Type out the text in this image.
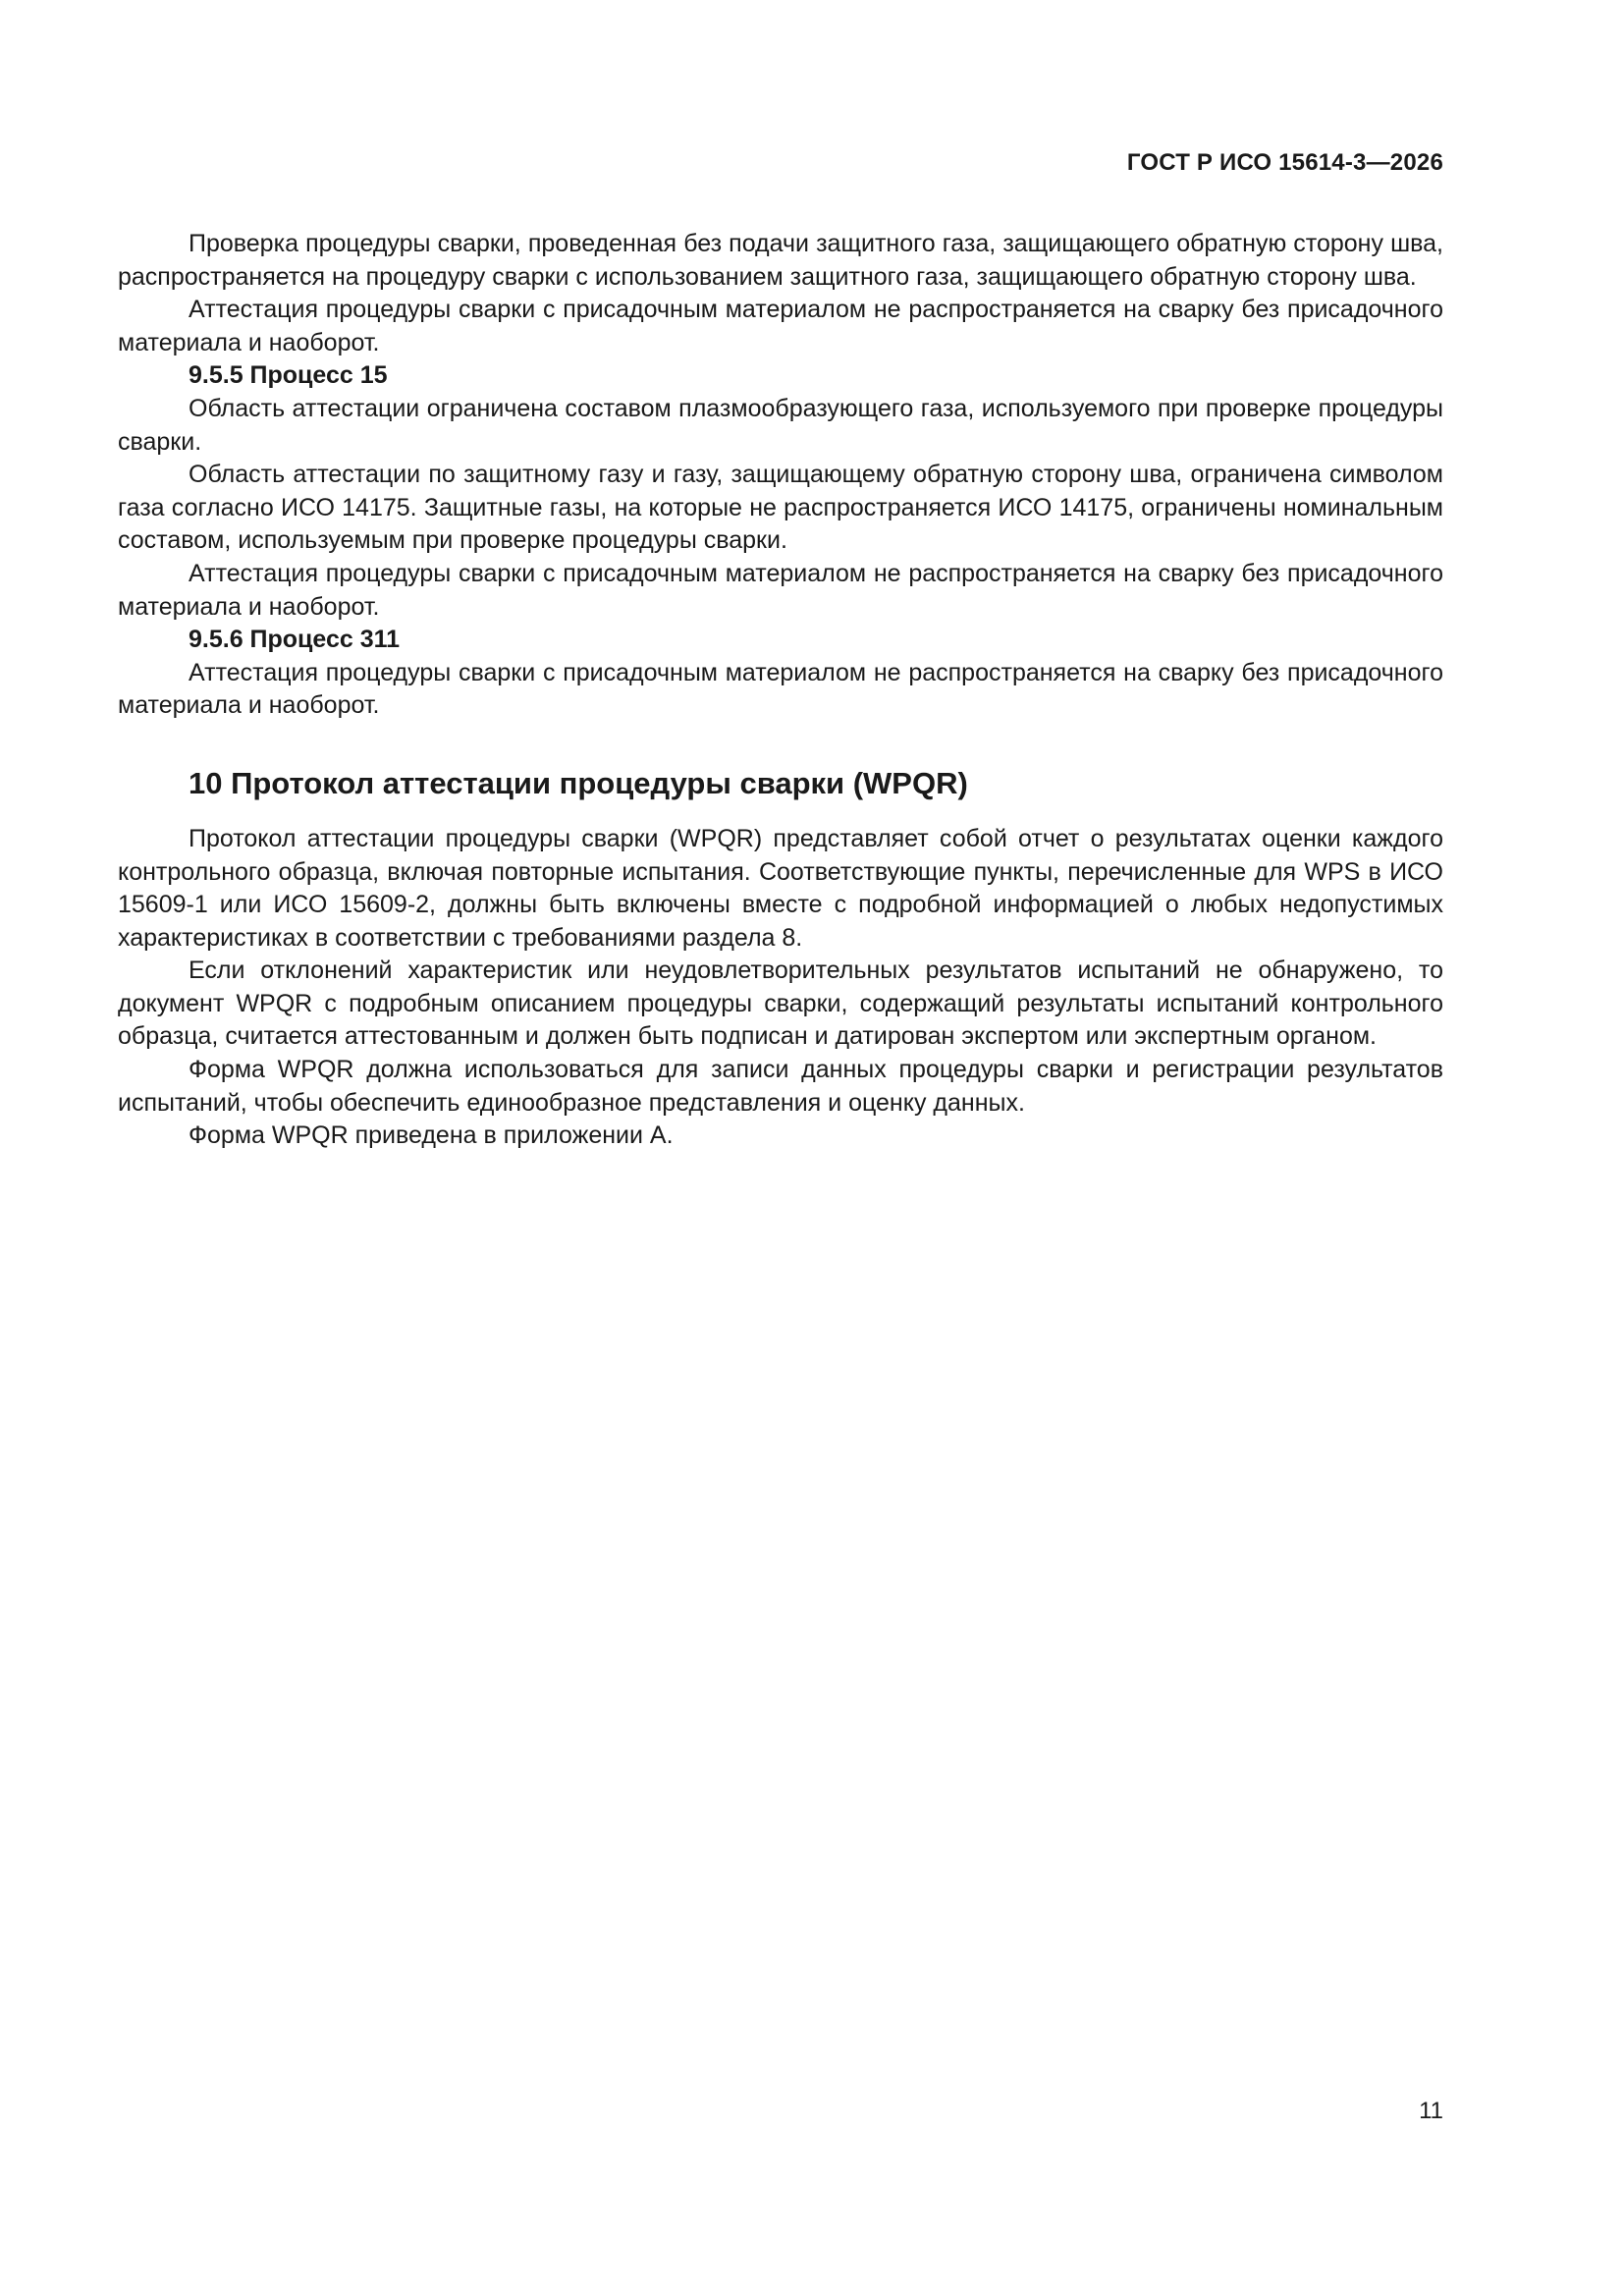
ГОСТ Р ИСО 15614-3—2026

Проверка процедуры сварки, проведенная без подачи защитного газа, защищающего обратную сторону шва, распространяется на процедуру сварки с использованием защитного газа, защищающего обратную сторону шва.

Аттестация процедуры сварки с присадочным материалом не распространяется на сварку без присадочного материала и наоборот.

9.5.5 Процесс 15

Область аттестации ограничена составом плазмообразующего газа, используемого при проверке процедуры сварки.

Область аттестации по защитному газу и газу, защищающему обратную сторону шва, ограничена символом газа согласно ИСО 14175. Защитные газы, на которые не распространяется ИСО 14175, ограничены номинальным составом, используемым при проверке процедуры сварки.

Аттестация процедуры сварки с присадочным материалом не распространяется на сварку без присадочного материала и наоборот.

9.5.6 Процесс 311

Аттестация процедуры сварки с присадочным материалом не распространяется на сварку без присадочного материала и наоборот.

10 Протокол аттестации процедуры сварки (WPQR)

Протокол аттестации процедуры сварки (WPQR) представляет собой отчет о результатах оценки каждого контрольного образца, включая повторные испытания. Соответствующие пункты, перечисленные для WPS в ИСО 15609-1 или ИСО 15609-2, должны быть включены вместе с подробной информацией о любых недопустимых характеристиках в соответствии с требованиями раздела 8.

Если отклонений характеристик или неудовлетворительных результатов испытаний не обнаружено, то документ WPQR с подробным описанием процедуры сварки, содержащий результаты испытаний контрольного образца, считается аттестованным и должен быть подписан и датирован экспертом или экспертным органом.

Форма WPQR должна использоваться для записи данных процедуры сварки и регистрации результатов испытаний, чтобы обеспечить единообразное представления и оценку данных.

Форма WPQR приведена в приложении А.

11
